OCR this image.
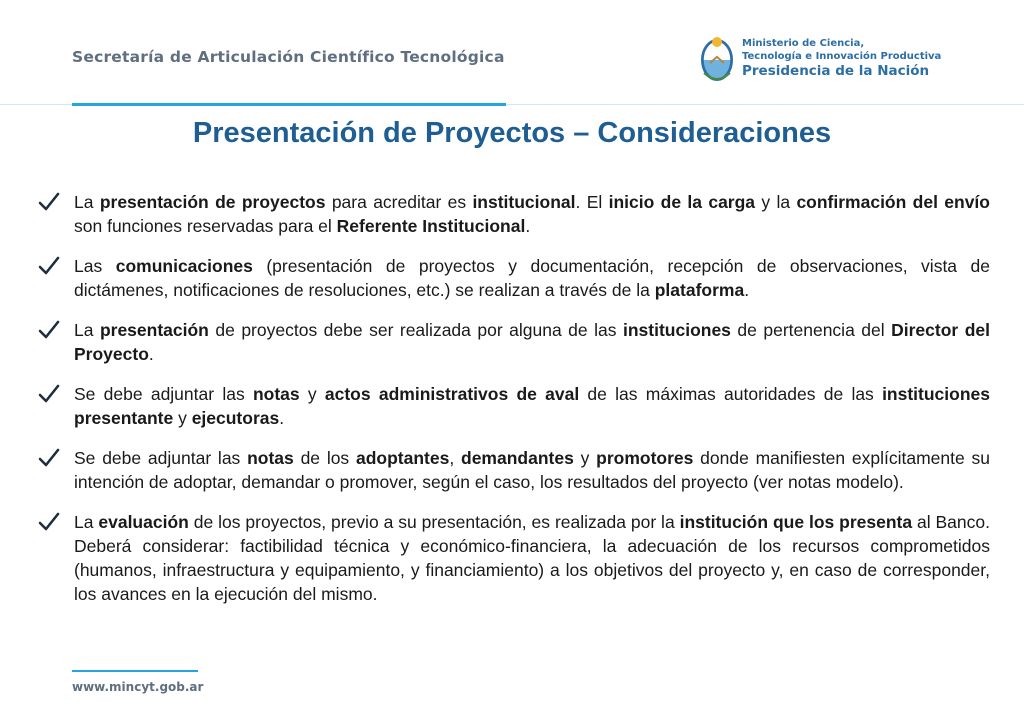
Secretaría de Articulación Científico Tecnológica
Ministerio de Ciencia,
Tecnología e Innovación Productiva
Presidencia de la Nación
Presentación de Proyectos – Consideraciones
La presentación de proyectos para acreditar es institucional. El inicio de la carga y la confirmación del envío son funciones reservadas para el Referente Institucional.
Las comunicaciones (presentación de proyectos y documentación, recepción de observaciones, vista de dictámenes, notificaciones de resoluciones, etc.) se realizan a través de la plataforma.
La presentación de proyectos debe ser realizada por alguna de las instituciones de pertenencia del Director del Proyecto.
Se debe adjuntar las notas y actos administrativos de aval de las máximas autoridades de las instituciones presentante y ejecutoras.
Se debe adjuntar las notas de los adoptantes, demandantes y promotores donde manifiesten explícitamente su intención de adoptar, demandar o promover, según el caso, los resultados del proyecto (ver notas modelo).
La evaluación de los proyectos, previo a su presentación, es realizada por la institución que los presenta al Banco. Deberá considerar: factibilidad técnica y económico-financiera, la adecuación de los recursos comprometidos (humanos, infraestructura y equipamiento, y financiamiento) a los objetivos del proyecto y, en caso de corresponder, los avances en la ejecución del mismo.
www.mincyt.gob.ar
